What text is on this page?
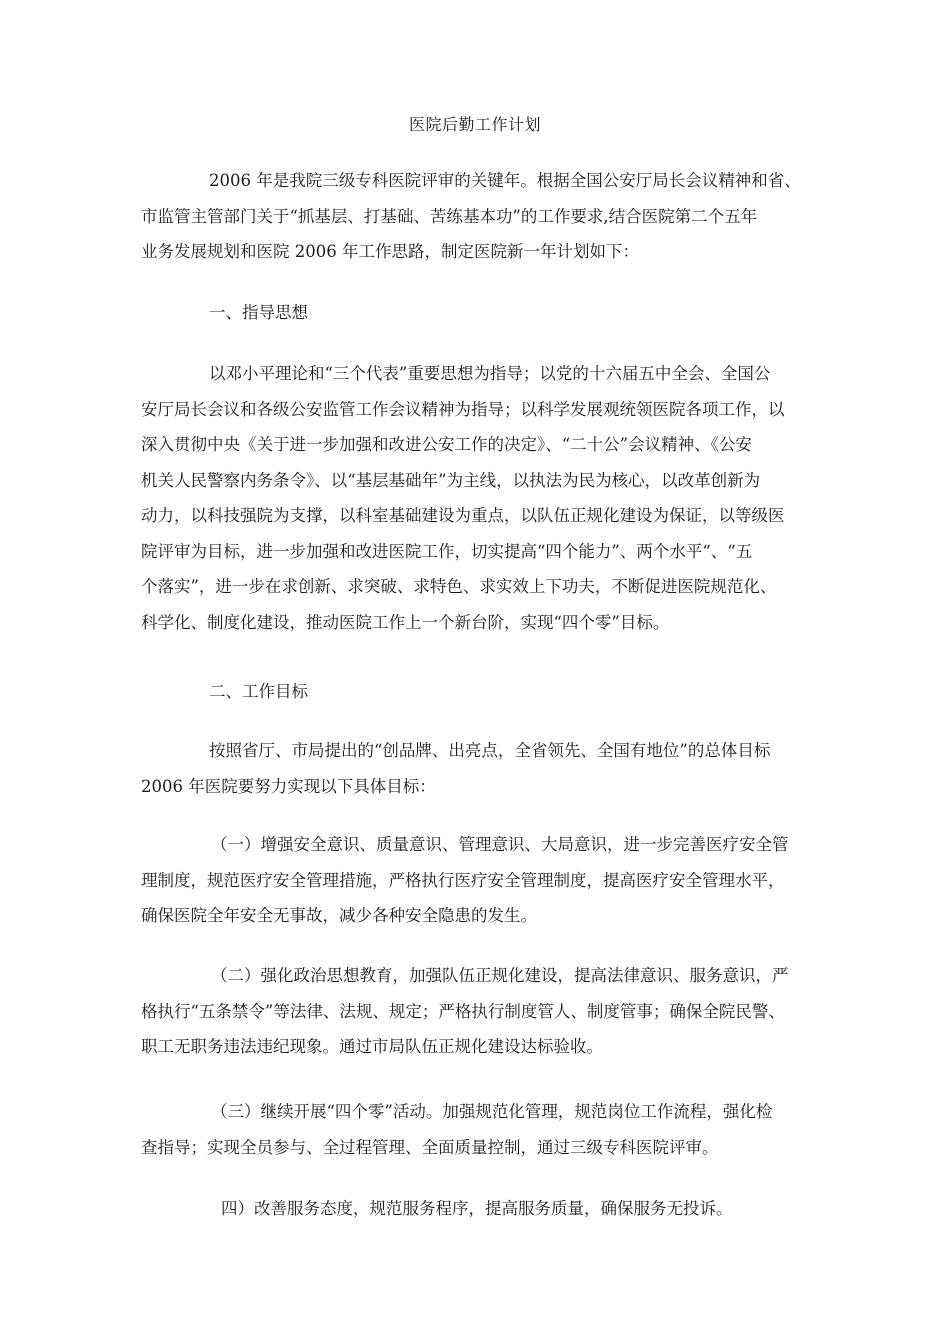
医院后勤工作计划
2006 年是我院三级专科医院评审的关键年。根据全国公安厅局长会议精神和省、
市监管主管部门关于“抓基层、打基础、苦练基本功”的工作要求,结合医院第二个五年
业务发展规划和医院 2006 年工作思路，制定医院新一年计划如下：
一、指导思想
以邓小平理论和“三个代表”重要思想为指导；以党的十六届五中全会、全国公
安厅局长会议和各级公安监管工作会议精神为指导；以科学发展观统领医院各项工作，以
深入贯彻中央《关于进一步加强和改进公安工作的决定》、“二十公”会议精神、《公安
机关人民警察内务条令》、以“基层基础年”为主线，以执法为民为核心，以改革创新为
动力，以科技强院为支撑，以科室基础建设为重点，以队伍正规化建设为保证，以等级医
院评审为目标，进一步加强和改进医院工作，切实提高“四个能力”、两个水平“、“五
个落实”，进一步在求创新、求突破、求特色、求实效上下功夫，不断促进医院规范化、
科学化、制度化建设，推动医院工作上一个新台阶，实现“四个零”目标。
二、工作目标
按照省厅、市局提出的“创品牌、出亮点，全省领先、全国有地位”的总体目标
2006 年医院要努力实现以下具体目标：
（一）增强安全意识、质量意识、管理意识、大局意识，进一步完善医疗安全管
理制度，规范医疗安全管理措施，严格执行医疗安全管理制度，提高医疗安全管理水平，
确保医院全年安全无事故，减少各种安全隐患的发生。
（二）强化政治思想教育，加强队伍正规化建设，提高法律意识、服务意识，严
格执行“五条禁令”等法律、法规、规定；严格执行制度管人、制度管事；确保全院民警、
职工无职务违法违纪现象。通过市局队伍正规化建设达标验收。
（三）继续开展“四个零”活动。加强规范化管理，规范岗位工作流程，强化检
查指导；实现全员参与、全过程管理、全面质量控制，通过三级专科医院评审。
四）改善服务态度，规范服务程序，提高服务质量，确保服务无投诉。
